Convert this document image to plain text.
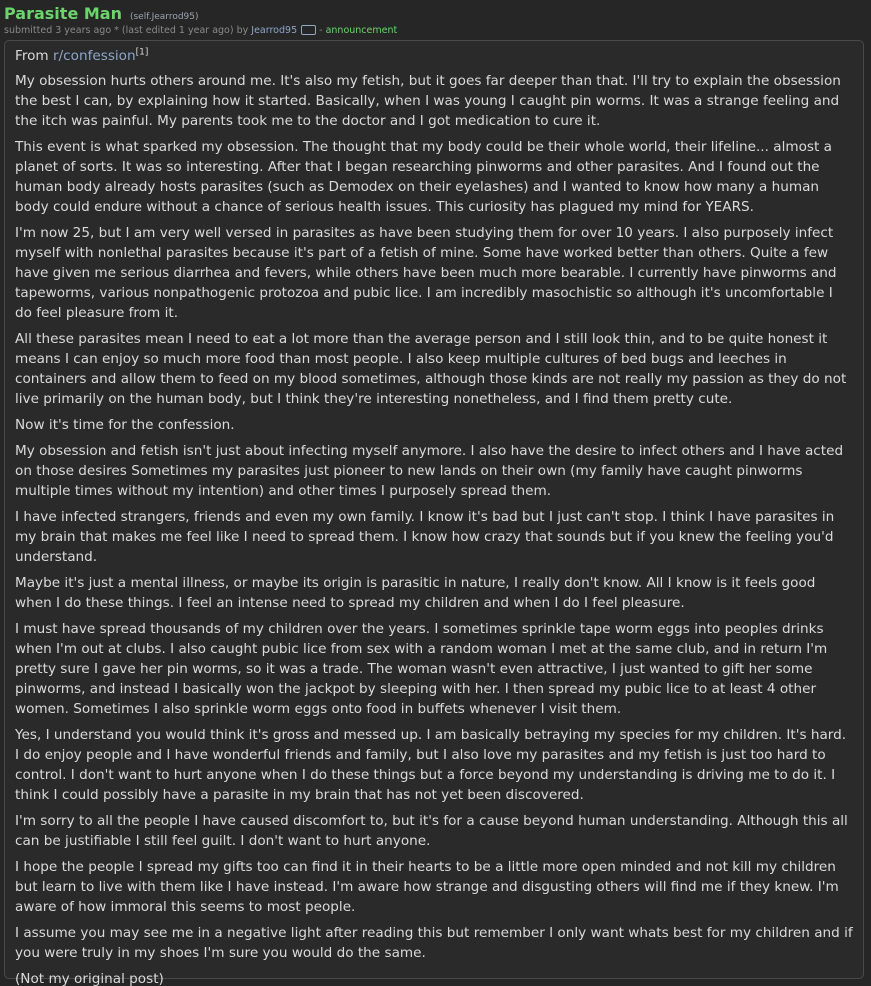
Parasite Man (self.Jearrod95)
submitted 3 years ago * (last edited 1 year ago) by Jearrod95 - announcement

From r/confession[1]

My obsession hurts others around me. It's also my fetish, but it goes far deeper than that. I'll try to explain the obsession the best I can, by explaining how it started. Basically, when I was young I caught pin worms. It was a strange feeling and the itch was painful. My parents took me to the doctor and I got medication to cure it.

This event is what sparked my obsession. The thought that my body could be their whole world, their lifeline... almost a planet of sorts. It was so interesting. After that I began researching pinworms and other parasites. And I found out the human body already hosts parasites (such as Demodex on their eyelashes) and I wanted to know how many a human body could endure without a chance of serious health issues. This curiosity has plagued my mind for YEARS.

I'm now 25, but I am very well versed in parasites as have been studying them for over 10 years. I also purposely infect myself with nonlethal parasites because it's part of a fetish of mine. Some have worked better than others. Quite a few have given me serious diarrhea and fevers, while others have been much more bearable. I currently have pinworms and tapeworms, various nonpathogenic protozoa and pubic lice. I am incredibly masochistic so although it's uncomfortable I do feel pleasure from it.

All these parasites mean I need to eat a lot more than the average person and I still look thin, and to be quite honest it means I can enjoy so much more food than most people. I also keep multiple cultures of bed bugs and leeches in containers and allow them to feed on my blood sometimes, although those kinds are not really my passion as they do not live primarily on the human body, but I think they're interesting nonetheless, and I find them pretty cute.

Now it's time for the confession.

My obsession and fetish isn't just about infecting myself anymore. I also have the desire to infect others and I have acted on those desires Sometimes my parasites just pioneer to new lands on their own (my family have caught pinworms multiple times without my intention) and other times I purposely spread them.

I have infected strangers, friends and even my own family. I know it's bad but I just can't stop. I think I have parasites in my brain that makes me feel like I need to spread them. I know how crazy that sounds but if you knew the feeling you'd understand.

Maybe it's just a mental illness, or maybe its origin is parasitic in nature, I really don't know. All I know is it feels good when I do these things. I feel an intense need to spread my children and when I do I feel pleasure.

I must have spread thousands of my children over the years. I sometimes sprinkle tape worm eggs into peoples drinks when I'm out at clubs. I also caught pubic lice from sex with a random woman I met at the same club, and in return I'm pretty sure I gave her pin worms, so it was a trade. The woman wasn't even attractive, I just wanted to gift her some pinworms, and instead I basically won the jackpot by sleeping with her. I then spread my pubic lice to at least 4 other women. Sometimes I also sprinkle worm eggs onto food in buffets whenever I visit them.

Yes, I understand you would think it's gross and messed up. I am basically betraying my species for my children. It's hard. I do enjoy people and I have wonderful friends and family, but I also love my parasites and my fetish is just too hard to control. I don't want to hurt anyone when I do these things but a force beyond my understanding is driving me to do it. I think I could possibly have a parasite in my brain that has not yet been discovered.

I'm sorry to all the people I have caused discomfort to, but it's for a cause beyond human understanding. Although this all can be justifiable I still feel guilt. I don't want to hurt anyone.

I hope the people I spread my gifts too can find it in their hearts to be a little more open minded and not kill my children but learn to live with them like I have instead. I'm aware how strange and disgusting others will find me if they knew. I'm aware of how immoral this seems to most people.

I assume you may see me in a negative light after reading this but remember I only want whats best for my children and if you were truly in my shoes I'm sure you would do the same.

(Not my original post)
